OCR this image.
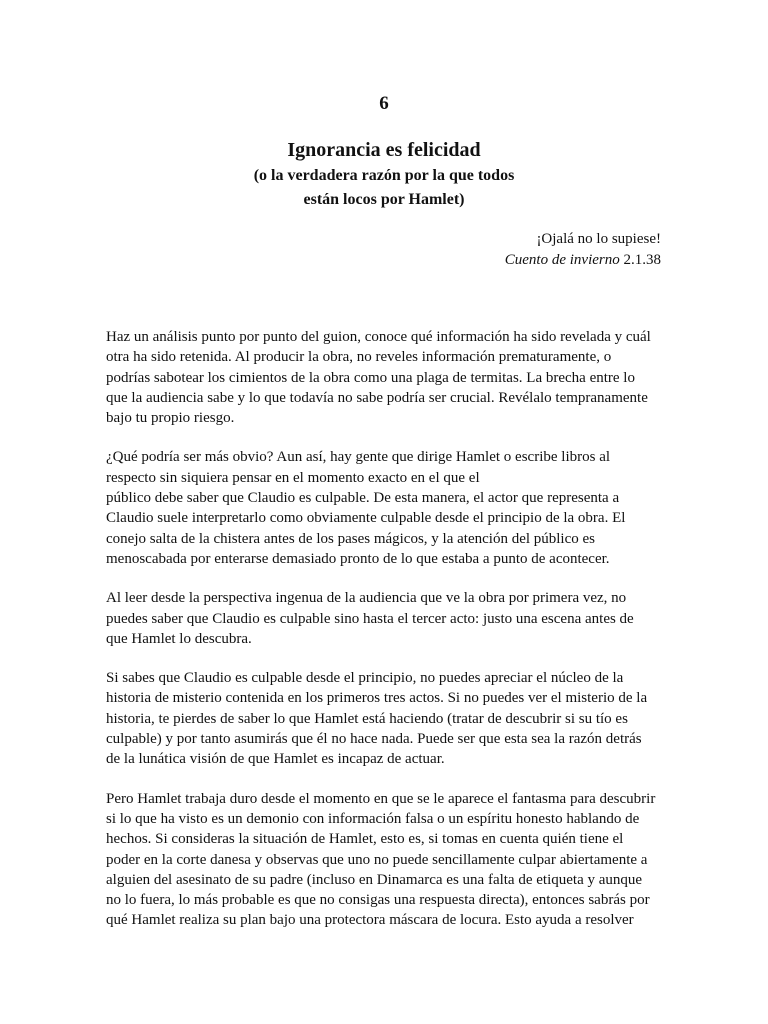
6
Ignorancia es felicidad
(o la verdadera razón por la que todos
están locos por Hamlet)
¡Ojalá no lo supiese!
Cuento de invierno 2.1.38

Haz un análisis punto por punto del guion, conoce qué información ha sido revelada y cuál
otra ha sido retenida. Al producir la obra, no reveles información prematuramente, o
podrías sabotear los cimientos de la obra como una plaga de termitas. La brecha entre lo
que la audiencia sabe y lo que todavía no sabe podría ser crucial. Revélalo tempranamente
bajo tu propio riesgo.

¿Qué podría ser más obvio? Aun así, hay gente que dirige Hamlet o escribe libros al
respecto sin siquiera pensar en el momento exacto en el que el
público debe saber que Claudio es culpable. De esta manera, el actor que representa a
Claudio suele interpretarlo como obviamente culpable desde el principio de la obra. El
conejo salta de la chistera antes de los pases mágicos, y la atención del público es
menoscabada por enterarse demasiado pronto de lo que estaba a punto de acontecer.

Al leer desde la perspectiva ingenua de la audiencia que ve la obra por primera vez, no
puedes saber que Claudio es culpable sino hasta el tercer acto: justo una escena antes de
que Hamlet lo descubra.

Si sabes que Claudio es culpable desde el principio, no puedes apreciar el núcleo de la
historia de misterio contenida en los primeros tres actos. Si no puedes ver el misterio de la
historia, te pierdes de saber lo que Hamlet está haciendo (tratar de descubrir si su tío es
culpable) y por tanto asumirás que él no hace nada. Puede ser que esta sea la razón detrás
de la lunática visión de que Hamlet es incapaz de actuar.

Pero Hamlet trabaja duro desde el momento en que se le aparece el fantasma para descubrir
si lo que ha visto es un demonio con información falsa o un espíritu honesto hablando de
hechos. Si consideras la situación de Hamlet, esto es, si tomas en cuenta quién tiene el
poder en la corte danesa y observas que uno no puede sencillamente culpar abiertamente a
alguien del asesinato de su padre (incluso en Dinamarca es una falta de etiqueta y aunque
no lo fuera, lo más probable es que no consigas una respuesta directa), entonces sabrás por
qué Hamlet realiza su plan bajo una protectora máscara de locura. Esto ayuda a resolver
